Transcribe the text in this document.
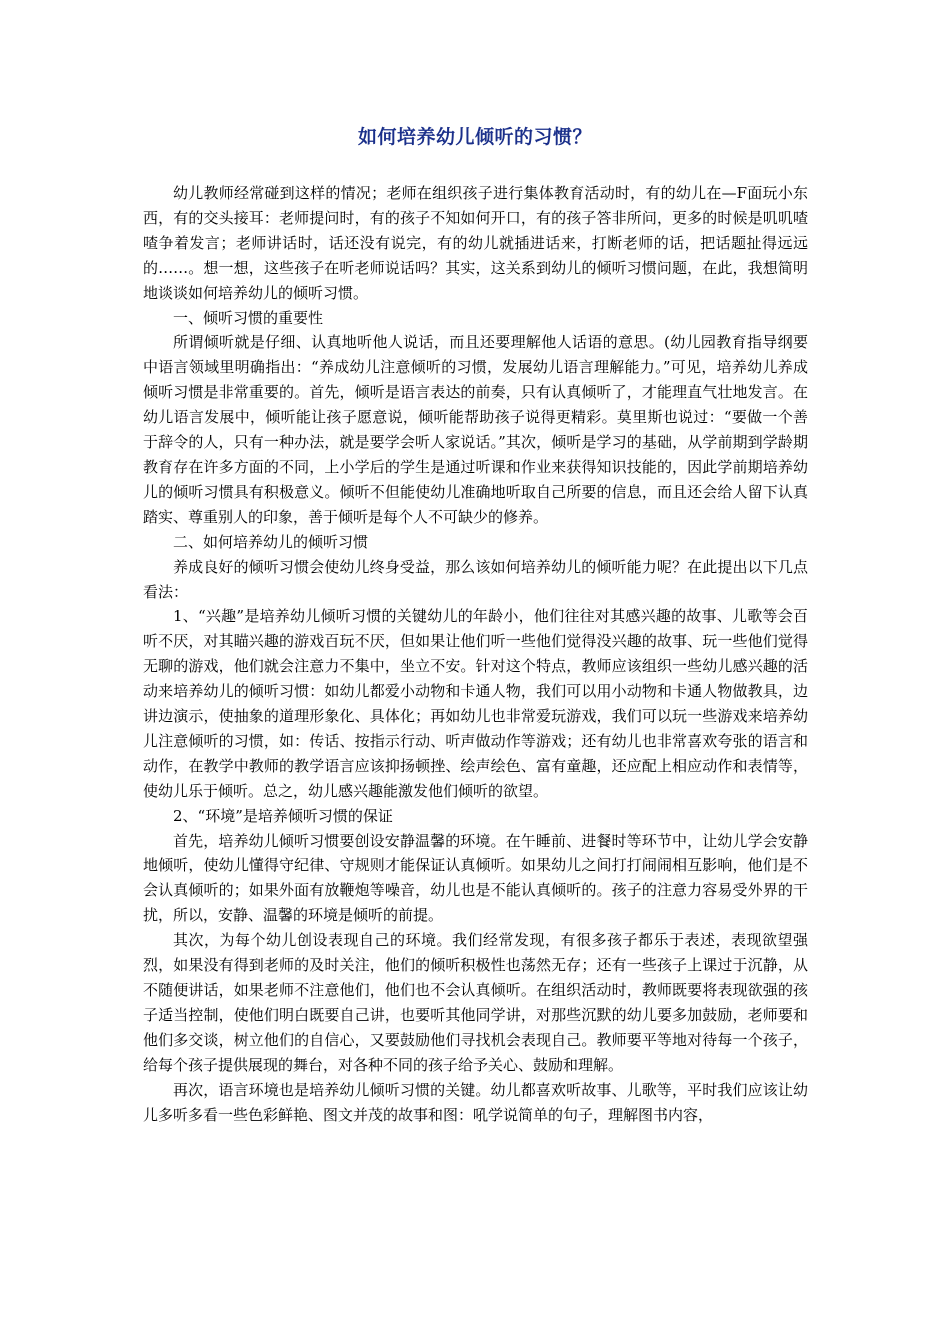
如何培养幼儿倾听的习惯？

幼儿教师经常碰到这样的情况；老师在组织孩子进行集体教育活动时，有的幼儿在—F面玩小东西，有的交头接耳：老师提问时，有的孩子不知如何开口，有的孩子答非所问，更多的时候是叽叽喳喳争着发言；老师讲话时，话还没有说完，有的幼儿就插进话来，打断老师的话，把话题扯得远远的……。想一想，这些孩子在听老师说话吗？其实，这关系到幼儿的倾听习惯问题，在此，我想简明地谈谈如何培养幼儿的倾听习惯。

一、倾听习惯的重要性

所谓倾听就是仔细、认真地听他人说话，而且还要理解他人话语的意思。(幼儿园教育指导纲要中语言领域里明确指出：“养成幼儿注意倾听的习惯，发展幼儿语言理解能力。”可见，培养幼儿养成倾听习惯是非常重要的。首先，倾听是语言表达的前奏，只有认真倾听了，才能理直气壮地发言。在幼儿语言发展中，倾听能让孩子愿意说，倾听能帮助孩子说得更精彩。莫里斯也说过：“要做一个善于辞令的人，只有一种办法，就是要学会听人家说话。”其次，倾听是学习的基础，从学前期到学龄期教育存在许多方面的不同，上小学后的学生是通过听课和作业来获得知识技能的，因此学前期培养幼儿的倾听习惯具有积极意义。倾听不但能使幼儿准确地听取自己所要的信息，而且还会给人留下认真踏实、尊重别人的印象，善于倾听是每个人不可缺少的修养。

二、如何培养幼儿的倾听习惯

养成良好的倾听习惯会使幼儿终身受益，那么该如何培养幼儿的倾听能力呢？在此提出以下几点看法：

1、“兴趣”是培养幼儿倾听习惯的关键幼儿的年龄小，他们往往对其感兴趣的故事、儿歌等会百听不厌，对其瞄兴趣的游戏百玩不厌，但如果让他们听一些他们觉得没兴趣的故事、玩一些他们觉得无聊的游戏，他们就会注意力不集中，坐立不安。针对这个特点，教师应该组织一些幼儿感兴趣的活动来培养幼儿的倾听习惯：如幼儿都爱小动物和卡通人物，我们可以用小动物和卡通人物做教具，边讲边演示，使抽象的道理形象化、具体化；再如幼儿也非常爱玩游戏，我们可以玩一些游戏来培养幼儿注意倾听的习惯，如：传话、按指示行动、听声做动作等游戏；还有幼儿也非常喜欢夸张的语言和动作，在教学中教师的教学语言应该抑扬顿挫、绘声绘色、富有童趣，还应配上相应动作和表情等，使幼儿乐于倾听。总之，幼儿感兴趣能激发他们倾听的欲望。

2、“环境”是培养倾听习惯的保证

首先，培养幼儿倾听习惯要创设安静温馨的环境。在午睡前、进餐时等环节中，让幼儿学会安静地倾听，使幼儿懂得守纪律、守规则才能保证认真倾听。如果幼儿之间打打闹闹相互影响，他们是不会认真倾听的；如果外面有放鞭炮等噪音，幼儿也是不能认真倾听的。孩子的注意力容易受外界的干扰，所以，安静、温馨的环境是倾听的前提。

其次，为每个幼儿创设表现自己的环境。我们经常发现，有很多孩子都乐于表述，表现欲望强烈，如果没有得到老师的及时关注，他们的倾听积极性也荡然无存；还有一些孩子上课过于沉静，从不随便讲话，如果老师不注意他们，他们也不会认真倾听。在组织活动时，教师既要将表现欲强的孩子适当控制，使他们明白既要自己讲，也要听其他同学讲，对那些沉默的幼儿要多加鼓励，老师要和他们多交谈，树立他们的自信心，又要鼓励他们寻找机会表现自己。教师要平等地对待每一个孩子，给每个孩子提供展现的舞台，对各种不同的孩子给予关心、鼓励和理解。

再次，语言环境也是培养幼儿倾听习惯的关键。幼儿都喜欢听故事、儿歌等，平时我们应该让幼儿多听多看一些色彩鲜艳、图文并茂的故事和图：吼学说简单的句子，理解图书内容，
